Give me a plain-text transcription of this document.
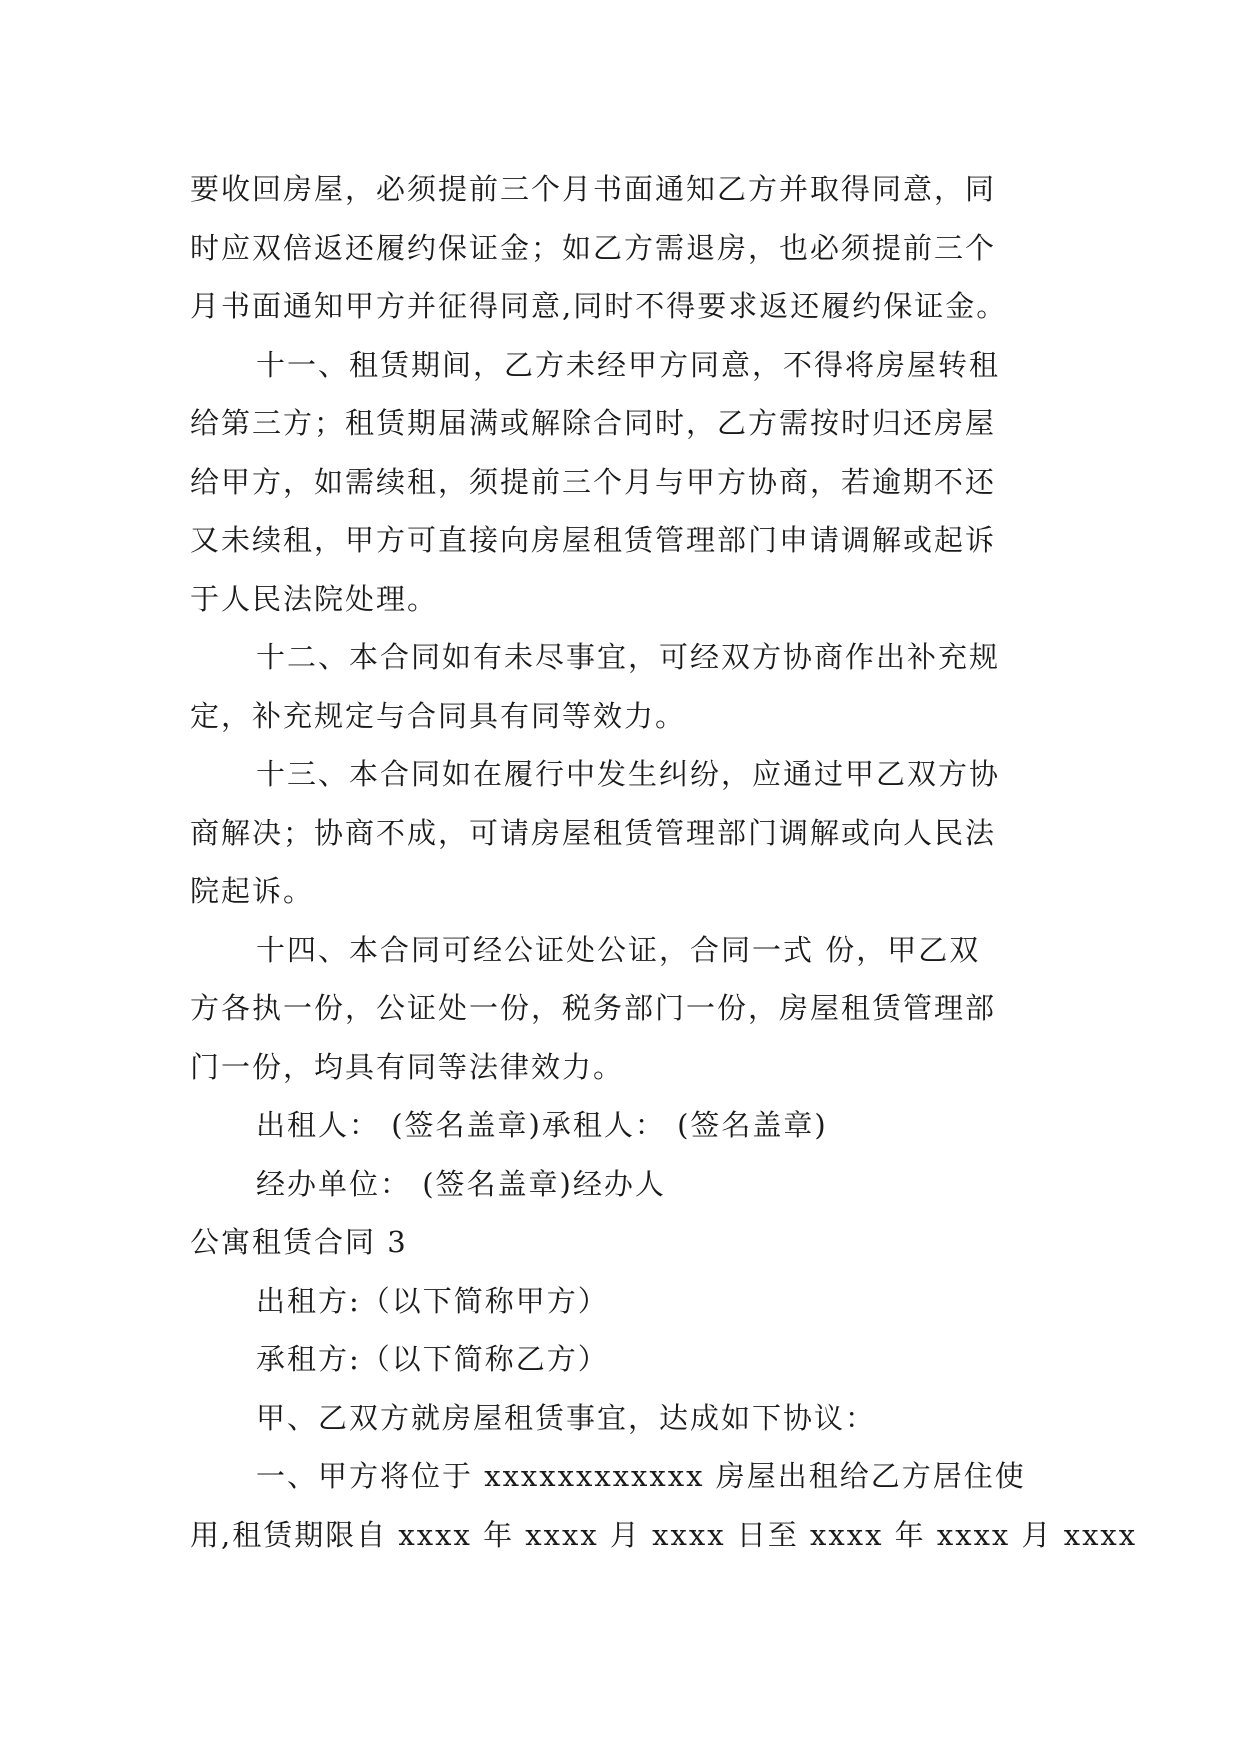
要收回房屋，必须提前三个月书面通知乙方并取得同意，同
时应双倍返还履约保证金；如乙方需退房，也必须提前三个
月书面通知甲方并征得同意,同时不得要求返还履约保证金。
十一、租赁期间，乙方未经甲方同意，不得将房屋转租
给第三方；租赁期届满或解除合同时，乙方需按时归还房屋
给甲方，如需续租，须提前三个月与甲方协商，若逾期不还
又未续租，甲方可直接向房屋租赁管理部门申请调解或起诉
于人民法院处理。
十二、本合同如有未尽事宜，可经双方协商作出补充规
定，补充规定与合同具有同等效力。
十三、本合同如在履行中发生纠纷，应通过甲乙双方协
商解决；协商不成，可请房屋租赁管理部门调解或向人民法
院起诉。
十四、本合同可经公证处公证，合同一式 份，甲乙双
方各执一份，公证处一份，税务部门一份，房屋租赁管理部
门一份，均具有同等法律效力。
出租人： (签名盖章)承租人： (签名盖章)
经办单位： (签名盖章)经办人
公寓租赁合同 3
出租方:（以下简称甲方）
承租方:（以下简称乙方）
甲、乙双方就房屋租赁事宜，达成如下协议：
一、甲方将位于 xxxxxxxxxxxx 房屋出租给乙方居住使
用,租赁期限自 xxxx 年 xxxx 月 xxxx 日至 xxxx 年 xxxx 月 xxxx
